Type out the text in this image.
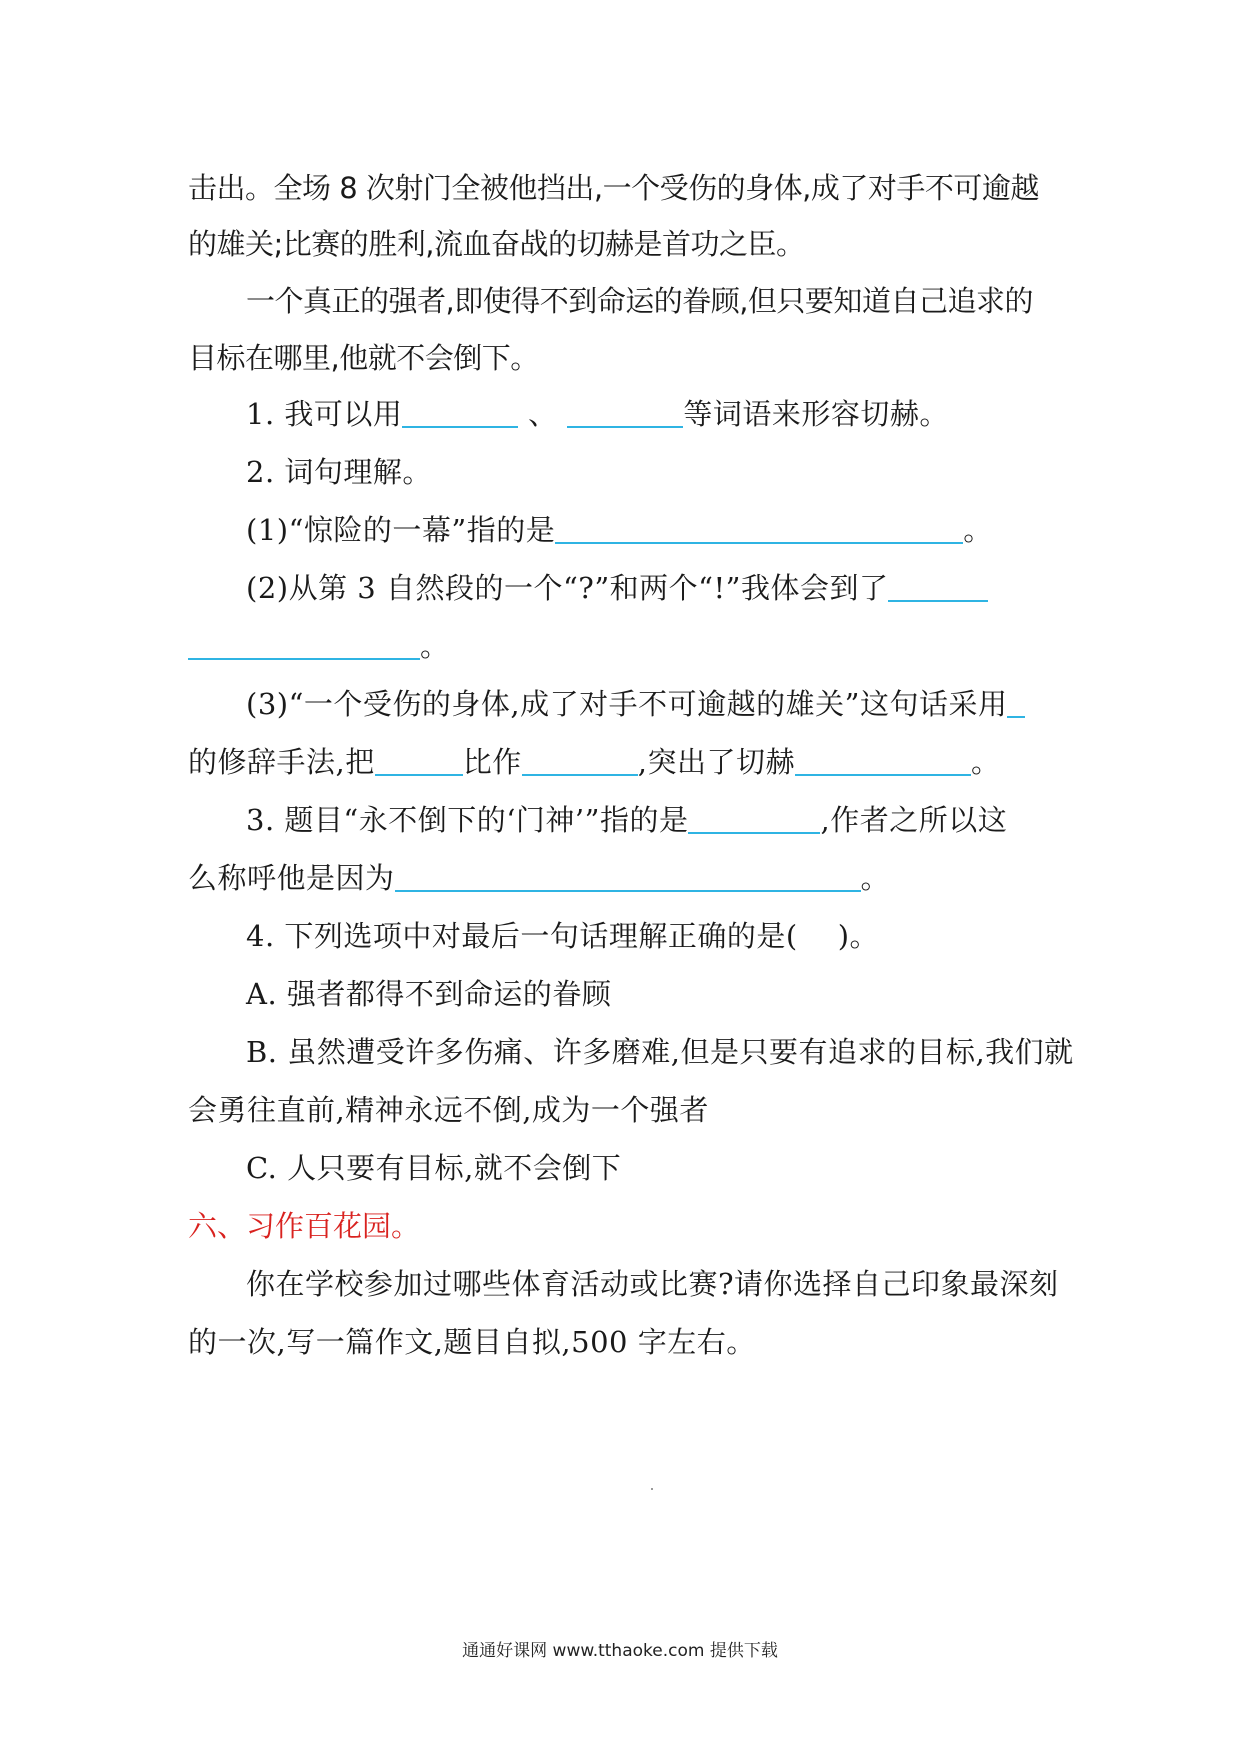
击出。全场 8 次射门全被他挡出,一个受伤的身体,成了对手不可逾越
的雄关;比赛的胜利,流血奋战的切赫是首功之臣。
一个真正的强者,即使得不到命运的眷顾,但只要知道自己追求的
目标在哪里,他就不会倒下。
1. 我可以用	、	等词语来形容切赫。
2. 词句理解。
(1)“惊险的一幕”指的是	。
(2)从第 3 自然段的一个“?”和两个“!”我体会到了
。
(3)“一个受伤的身体,成了对手不可逾越的雄关”这句话采用
的修辞手法,把	比作	,突出了切赫	。
3. 题目“永不倒下的‘门神’”指的是	,作者之所以这
么称呼他是因为	。
4. 下列选项中对最后一句话理解正确的是( )。
A. 强者都得不到命运的眷顾
B. 虽然遭受许多伤痛、许多磨难,但是只要有追求的目标,我们就
会勇往直前,精神永远不倒,成为一个强者
C. 人只要有目标,就不会倒下
六、习作百花园。
你在学校参加过哪些体育活动或比赛?请你选择自己印象最深刻
的一次,写一篇作文,题目自拟,500 字左右。
通通好课网 www.tthaoke.com 提供下载
